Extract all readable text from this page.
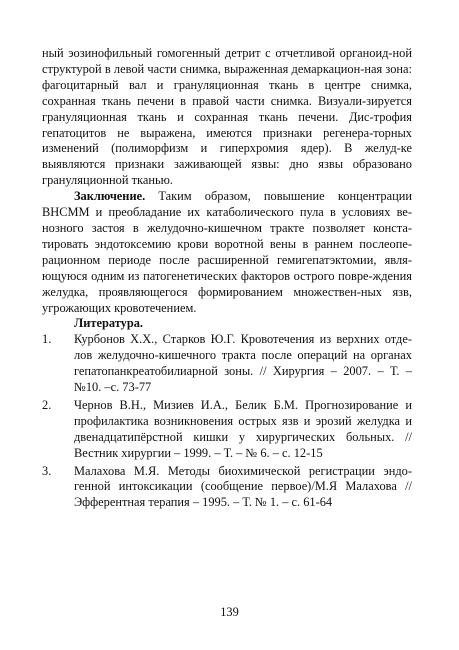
ный эозинофильный гомогенный детрит с отчетливой органоид-ной структурой в левой части снимка, выраженная демаркацион-ная зона: фагоцитарный вал и грануляционная ткань в центре снимка, сохранная ткань печени в правой части снимка. Визуали-зируется грануляционная ткань и сохранная ткань печени. Дис-трофия гепатоцитов не выражена, имеются признаки регенера-торных изменений (полиморфизм и гиперхромия ядер). В желуд-ке выявляются признаки заживающей язвы: дно язвы образовано грануляционной тканью.

Заключение. Таким образом, повышение концентрации ВНСММ и преобладание их катаболического пула в условиях ве-нозного застоя в желудочно-кишечном тракте позволяет конста-тировать эндотоксемию крови воротной вены в раннем послеопе-рационном периоде после расширенной гемигепатэктомии, явля-ющуюся одним из патогенетических факторов острого повре-ждения желудка, проявляющегося формированием множествен-ных язв, угрожающих кровотечением.

Литература.

1.	Курбонов Х.Х., Старков Ю.Г. Кровотечения из верхних отде-лов желудочно-кишечного тракта после операций на органах гепатопанкреатобилиарной зоны. // Хирургия – 2007. – Т. – №10. –с. 73-77
2.	Чернов В.Н., Мизиев И.А., Белик Б.М. Прогнозирование и профилактика возникновения острых язв и эрозий желудка и двенадцатипёрстной кишки у хирургических больных. // Вестник хирургии – 1999. – Т. – № 6. – с. 12-15
3.	Малахова М.Я. Методы биохимической регистрации эндо-генной интоксикации (сообщение первое)/М.Я Малахова // Эфферентная терапия – 1995. – Т. № 1. – с. 61-64
139
